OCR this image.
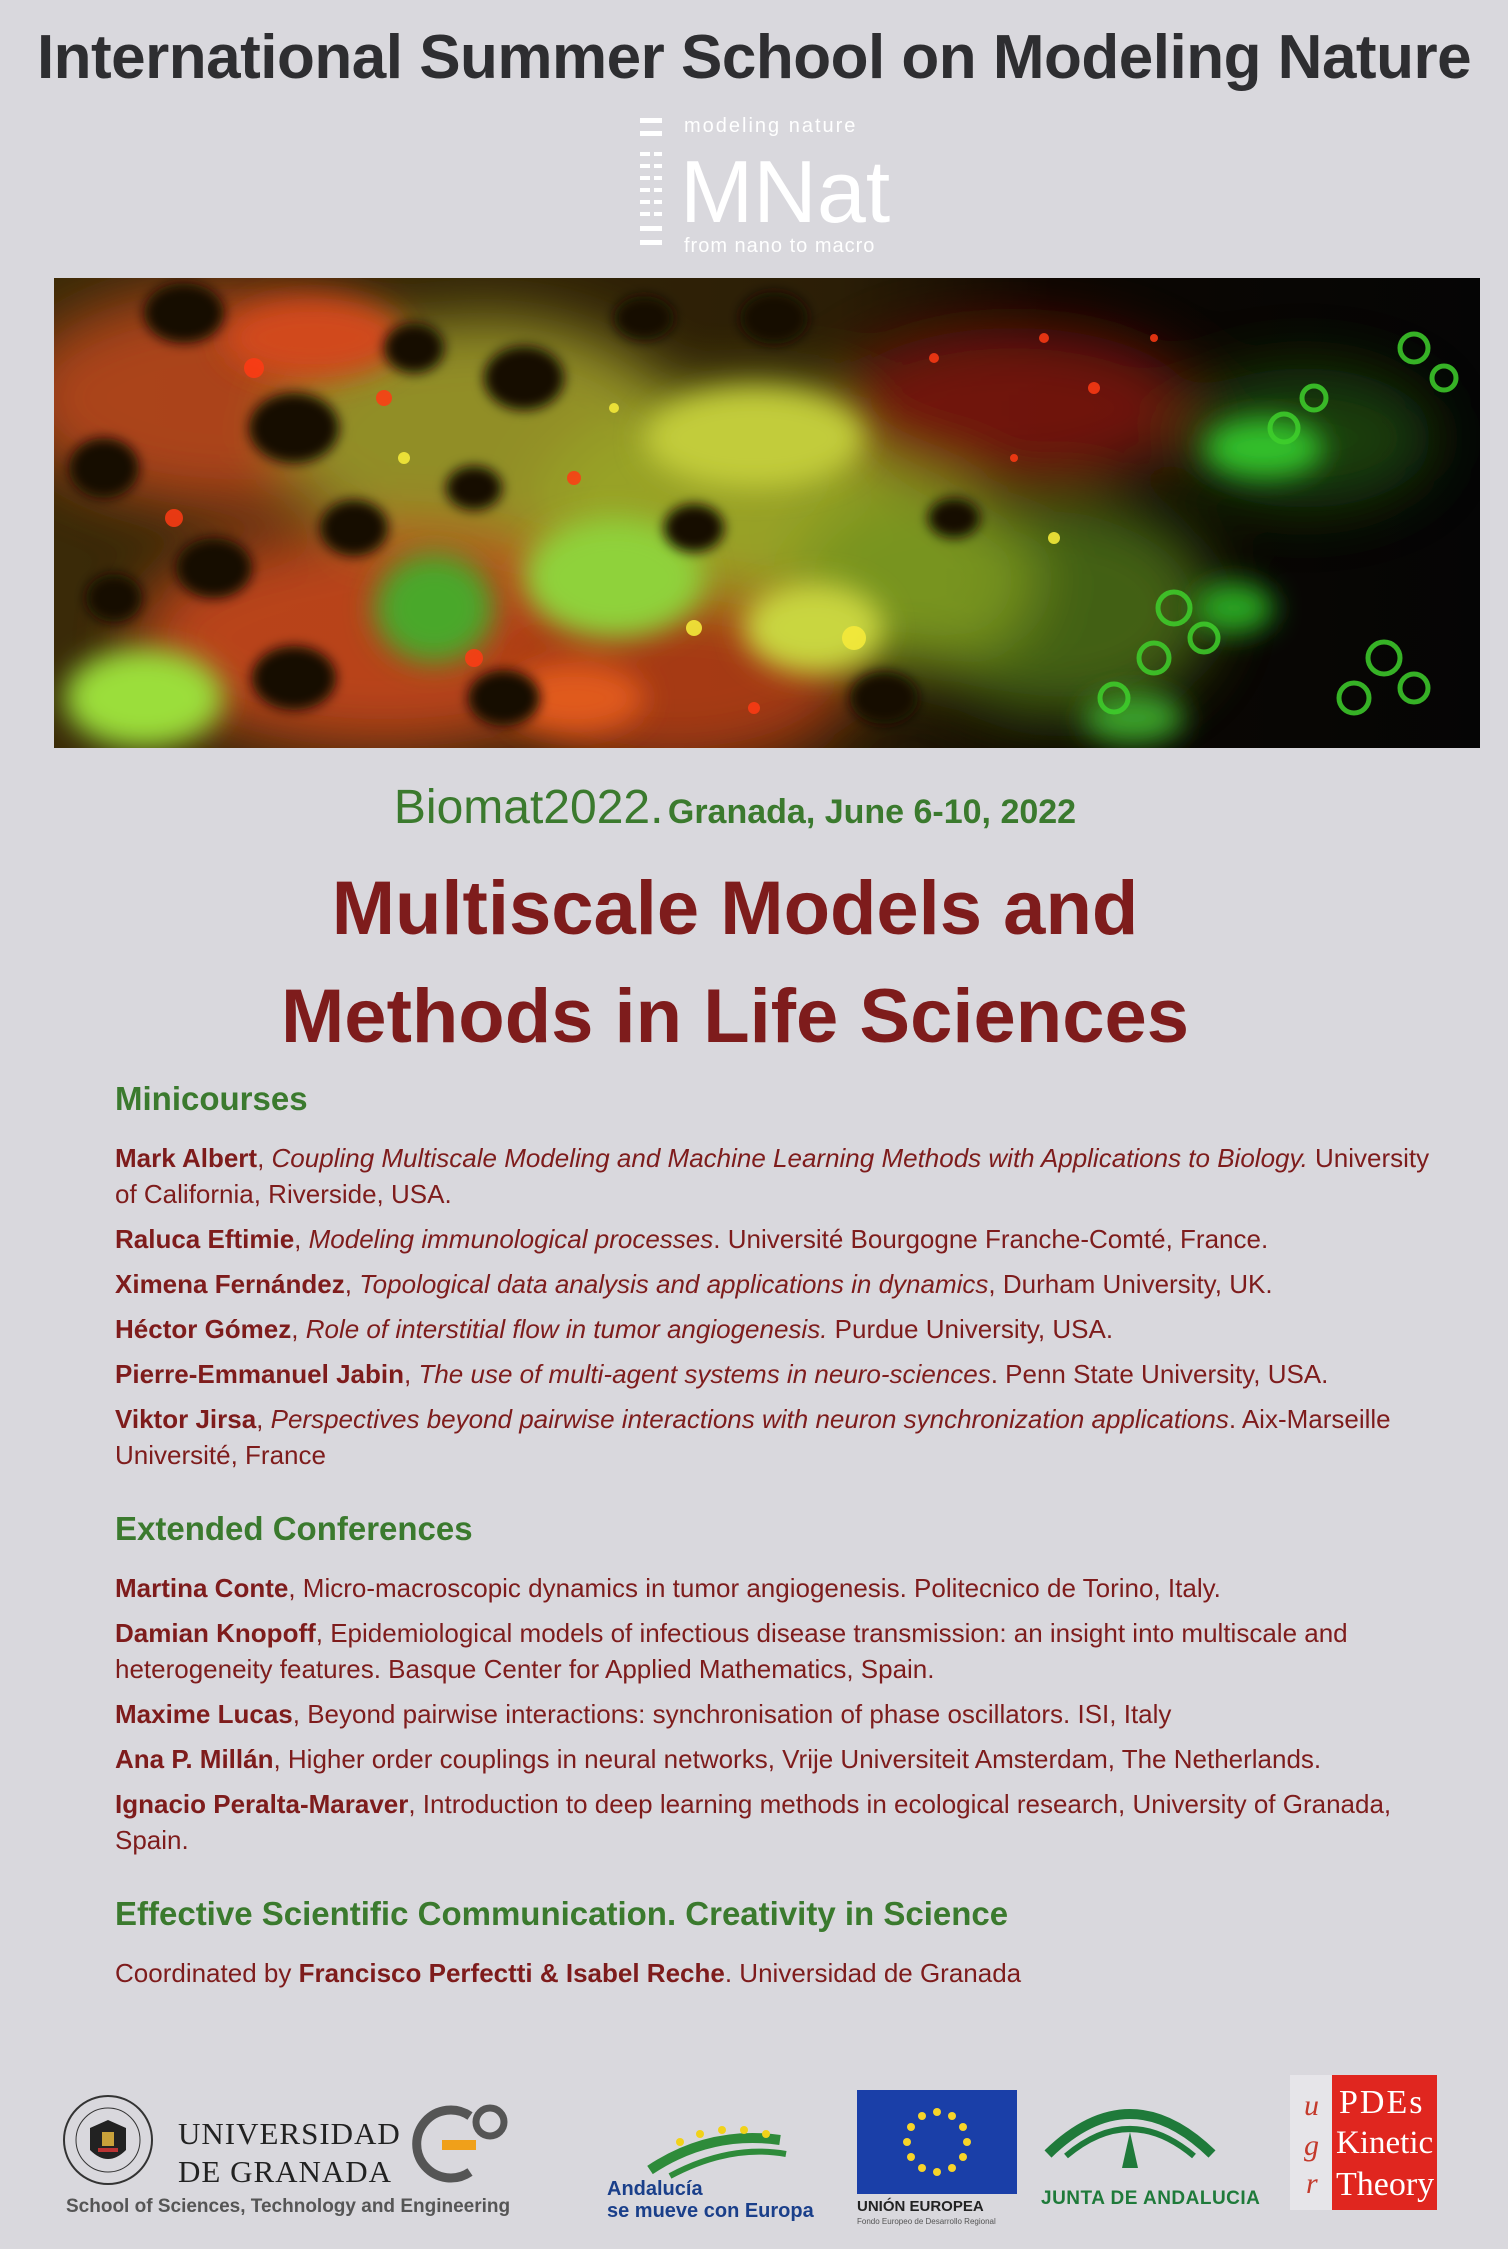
International Summer School on Modeling Nature
modeling nature
MNat
from nano to macro
Biomat2022. Granada, June 6-10, 2022
Multiscale Models and
Methods in Life Sciences
Minicourses
Mark Albert, Coupling Multiscale Modeling and Machine Learning Methods with Applications to Biology. University of California, Riverside, USA.
Raluca Eftimie, Modeling immunological processes. Université Bourgogne Franche-Comté, France.
Ximena Fernández, Topological data analysis and applications in dynamics, Durham University, UK.
Héctor Gómez, Role of interstitial flow in tumor angiogenesis. Purdue University, USA.
Pierre-Emmanuel Jabin, The use of multi-agent systems in neuro-sciences. Penn State University, USA.
Viktor Jirsa, Perspectives beyond pairwise interactions with neuron synchronization applications. Aix-Marseille Université, France
Extended Conferences
Martina Conte, Micro-macroscopic dynamics in tumor angiogenesis. Politecnico de Torino, Italy.
Damian Knopoff, Epidemiological models of infectious disease transmission: an insight into multiscale and heterogeneity features. Basque Center for Applied Mathematics, Spain.
Maxime Lucas, Beyond pairwise interactions: synchronisation of phase oscillators. ISI, Italy
Ana P. Millán, Higher order couplings in neural networks, Vrije Universiteit Amsterdam, The Netherlands.
Ignacio Peralta-Maraver, Introduction to deep learning methods in ecological research, University of Granada, Spain.
Effective Scientific Communication. Creativity in Science
Coordinated by Francisco Perfectti & Isabel Reche. Universidad de Granada
UNIVERSIDAD
DE GRANADA
School of Sciences, Technology and Engineering
Andalucía
se mueve con Europa	UNIÓN EUROPEA
Fondo Europeo de Desarrollo Regional
JUNTA DE ANDALUCIA
u
g
r
PDEs
Kinetic
Theory
